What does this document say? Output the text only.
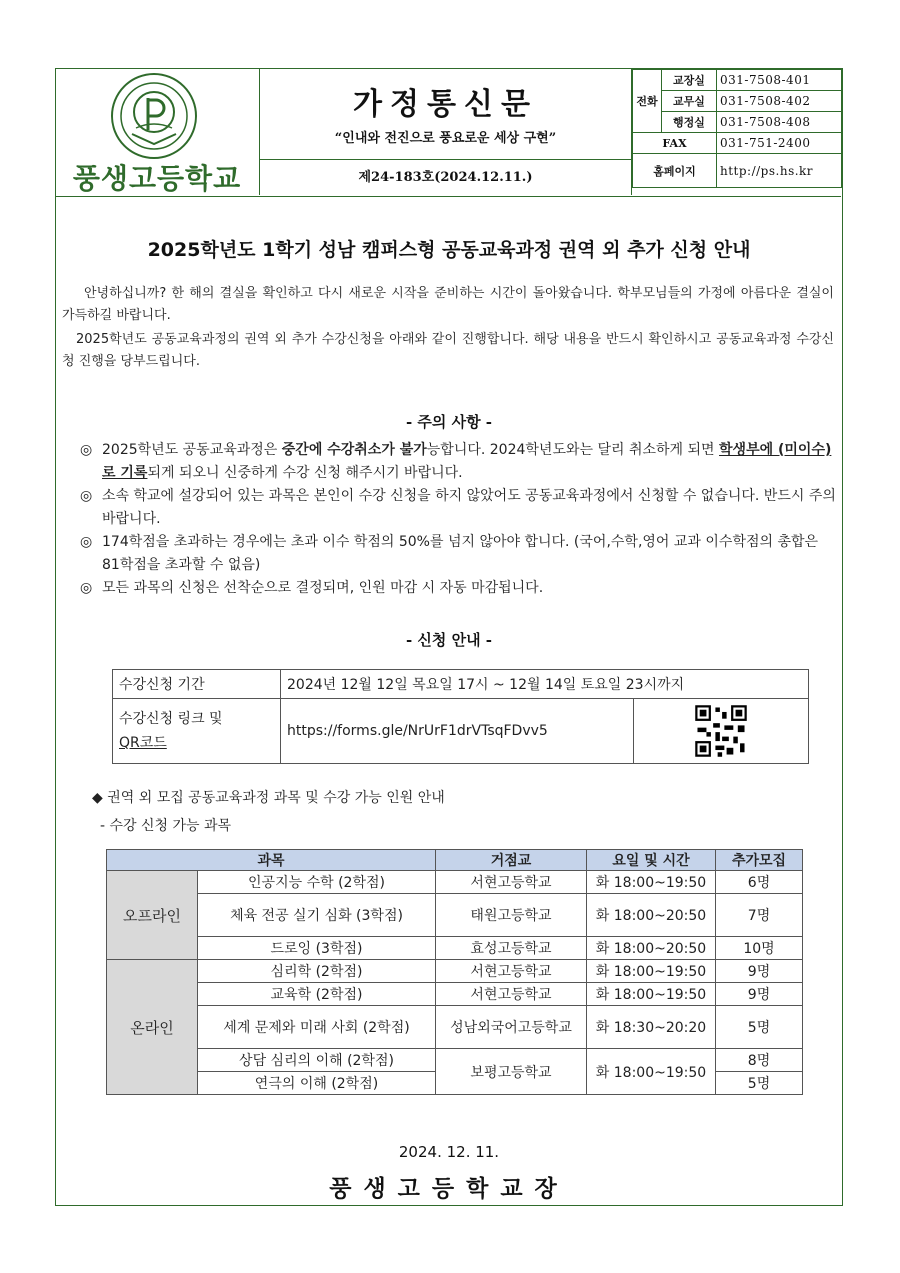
풍생고등학교
가정통신문
“인내와 전진으로 풍요로운 세상 구현”
제24-183호(2024.12.11.)
전화	교장실	031-7508-401
	교무실	031-7508-402
	행정실	031-7508-408
FAX		031-751-2400
홈페이지		http://ps.hs.kr
2025학년도 1학기 성남 캠퍼스형 공동교육과정 권역 외 추가 신청 안내
안녕하십니까? 한 해의 결실을 확인하고 다시 새로운 시작을 준비하는 시간이 돌아왔습니다. 학부모님들의 가정에 아름다운 결실이 가득하길 바랍니다.
2025학년도 공동교육과정의 권역 외 추가 수강신청을 아래와 같이 진행합니다. 해당 내용을 반드시 확인하시고 공동교육과정 수강신청 진행을 당부드립니다.
- 주의 사항 -
◎ 2025학년도 공동교육과정은 중간에 수강취소가 불가능합니다. 2024학년도와는 달리 취소하게 되면 학생부에 (미이수)로 기록되게 되오니 신중하게 수강 신청 해주시기 바랍니다.
◎ 소속 학교에 설강되어 있는 과목은 본인이 수강 신청을 하지 않았어도 공동교육과정에서 신청할 수 없습니다. 반드시 주의 바랍니다.
◎ 174학점을 초과하는 경우에는 초과 이수 학점의 50%를 넘지 않아야 합니다. (국어,수학,영어 교과 이수학점의 총합은 81학점을 초과할 수 없음)
◎ 모든 과목의 신청은 선착순으로 결정되며, 인원 마감 시 자동 마감됩니다.
- 신청 안내 -
수강신청 기간	2024년 12월 12일 목요일 17시 ~ 12월 14일 토요일 23시까지	
수강신청 링크 및
QR코드	https://forms.gle/NrUrF1drVTsqFDvv5	
◆ 권역 외 모집 공동교육과정 과목 및 수강 가능 인원 안내
- 수강 신청 가능 과목
과목		거점교	요일 및 시간	추가모집
오프라인	인공지능 수학 (2학점)	서현고등학교	화 18:00~19:50	6명
	체육 전공 실기 심화 (3학점)	태원고등학교	화 18:00~20:50	7명
	드로잉 (3학점)	효성고등학교	화 18:00~20:50	10명
온라인	심리학 (2학점)	서현고등학교	화 18:00~19:50	9명
	교육학 (2학점)	서현고등학교	화 18:00~19:50	9명
	세계 문제와 미래 사회 (2학점)	성남외국어고등학교	화 18:30~20:20	5명
	상담 심리의 이해 (2학점)	보평고등학교	화 18:00~19:50	8명
	연극의 이해 (2학점)			5명
2024. 12. 11.
풍생고등학교장
